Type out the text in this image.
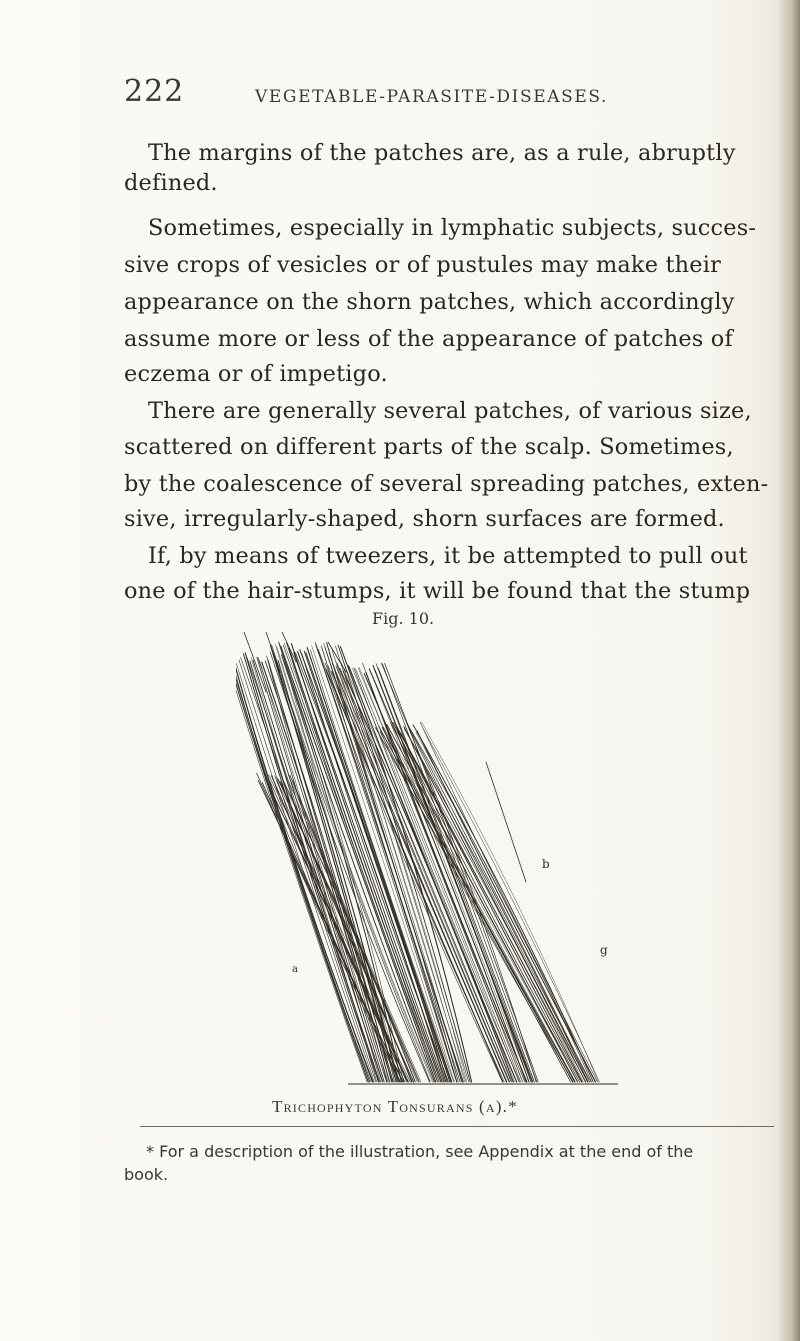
222	VEGETABLE-PARASITE-DISEASES.
The margins of the patches are, as a rule, abruptly
defined.
Sometimes, especially in lymphatic subjects, succes-
sive crops of vesicles or of pustules may make their
appearance on the shorn patches, which accordingly
assume more or less of the appearance of patches of
eczema or of impetigo.
There are generally several patches, of various size,
scattered on different parts of the scalp. Sometimes,
by the coalescence of several spreading patches, exten-
sive, irregularly-shaped, shorn surfaces are formed.
If, by means of tweezers, it be attempted to pull out
one of the hair-stumps, it will be found that the stump
Fig. 10.
b
g
a
Trichophyton Tonsurans (a).*
* For a description of the illustration, see Appendix at the end of the
book.
